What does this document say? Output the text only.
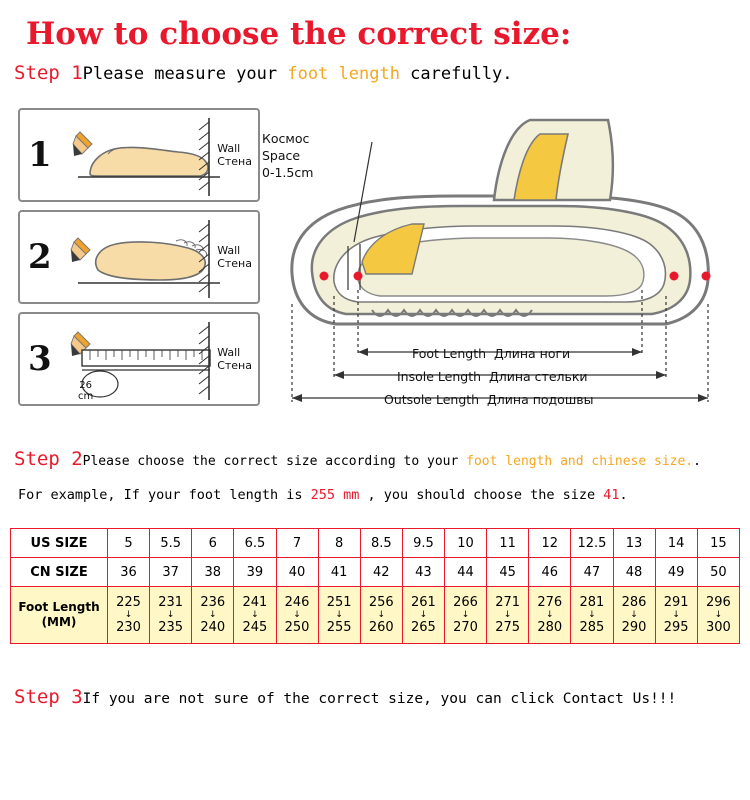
How to choose the correct size:
Step 1Please measure your foot length carefully.
1	Wall
Стена
2	Wall
Стена
3
26
cm
Wall
Стена
Космос
Space
0-1.5cm
Foot Length Длина ноги
Insole Length Длина стельки
Outsole Length Длина подошвы
Step 2Please choose the correct size according to your foot length and chinese size..
For example, If your foot length is 255 mm , you should choose the size 41.
US SIZE	5	5.5	6	6.5	7	8	8.5	9.5	10	11	12	12.5	13	14	15
CN SIZE	36	37	38	39	40	41	42	43	44	45	46	47	48	49	50

Foot Length
(MM)
	225
↓
230	231
↓
235	236
↓
240	241
↓
245	246
↓
250	251
↓
255	256
↓
260	261
↓
265	266
↓
270	271
↓
275	276
↓
280	281
↓
285	286
↓
290	291
↓
295	296
↓
300
Step 3If you are not sure of the correct size, you can click Contact Us!!!
